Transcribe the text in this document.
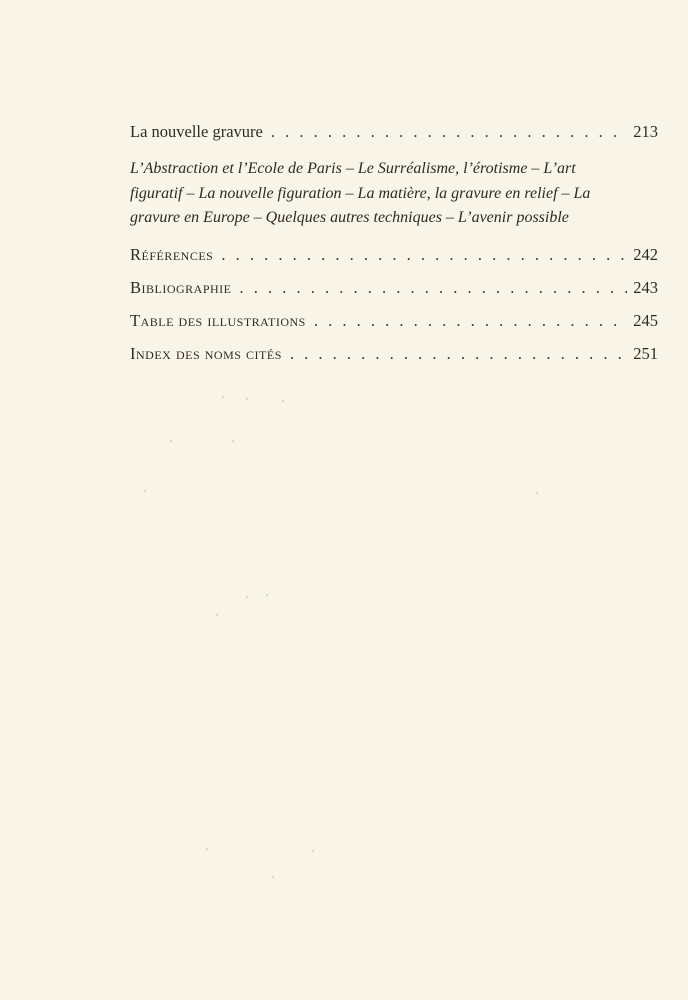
La nouvelle gravure . . .	213
L’Abstraction et l’Ecole de Paris – Le Surréalisme, l’érotisme – L’art figuratif – La nouvelle figuration – La matière, la gravure en relief – La gravure en Europe – Quelques autres techniques – L’avenir possible
Références . . .	242
Bibliographie . . .	243
Table des illustrations . . .	245
Index des noms cités . . .	251
